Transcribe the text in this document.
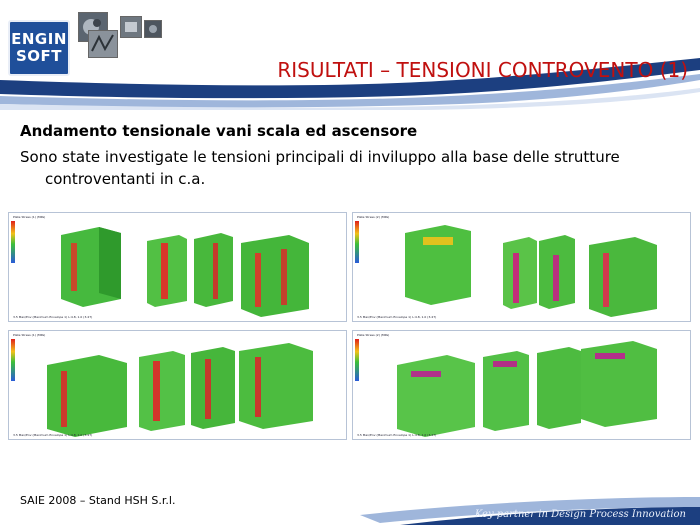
ENGIN
SOFT
RISULTATI – TENSIONI CONTROVENTO (1)
Andamento tensionale vani scala ed ascensore
Sono state investigate le tensioni principali di inviluppo alla base delle strutture
controventanti in c.a.
Plate Stress (1) (MPa)
3.5 Max/Env (Maximum Envelope 1) L:4.8, 1.0 (3.47)
Plate Stress (2) (MPa)
3.5 Max/Env (Maximum Envelope 1) L:4.8, 1.0 (3.47)
Plate Stress (1) (MPa)
3.5 Max/Env (Maximum Envelope 1) L:4.8, 1.0 (3.47)
Plate Stress (2) (MPa)
3.5 Max/Env (Maximum Envelope 1) L:4.8, 1.0 (3.47)
SAIE 2008 – Stand HSH S.r.l.
Key partner in Design Process Innovation
